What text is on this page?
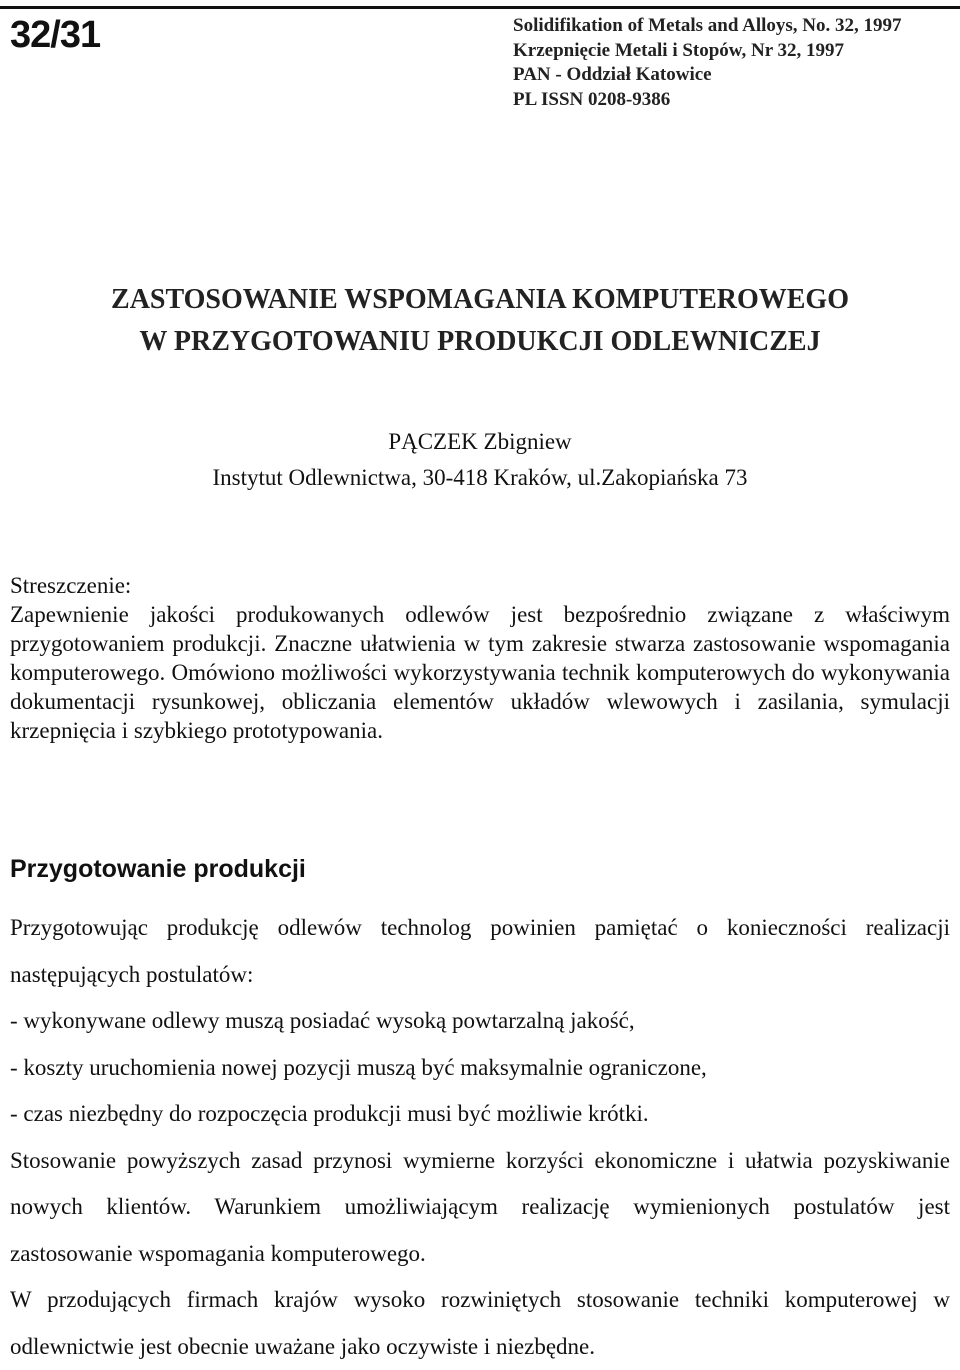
32/31	Solidifikation of Metals and Alloys, No. 32, 1997
Krzepnięcie Metali i Stopów, Nr 32, 1997
PAN - Oddział Katowice
PL ISSN 0208-9386
ZASTOSOWANIE WSPOMAGANIA KOMPUTEROWEGO
W PRZYGOTOWANIU PRODUKCJI ODLEWNICZEJ
PĄCZEK Zbigniew
Instytut Odlewnictwa, 30-418 Kraków, ul.Zakopiańska 73
Streszczenie:
Zapewnienie jakości produkowanych odlewów jest bezpośrednio związane z właściwym przygotowaniem produkcji. Znaczne ułatwienia w tym zakresie stwarza zastosowanie wspomagania komputerowego. Omówiono możliwości wykorzystywania technik komputerowych do wykonywania dokumentacji rysunkowej, obliczania elementów układów wlewowych i zasilania, symulacji krzepnięcia i szybkiego prototypowania.
Przygotowanie produkcji

Przygotowując produkcję odlewów technolog powinien pamiętać o konieczności realizacji następujących postulatów:

- wykonywane odlewy muszą posiadać wysoką powtarzalną jakość,

- koszty uruchomienia nowej pozycji muszą być maksymalnie ograniczone,

- czas niezbędny do rozpoczęcia produkcji musi być możliwie krótki.

Stosowanie powyższych zasad przynosi wymierne korzyści ekonomiczne i ułatwia pozyskiwanie nowych klientów. Warunkiem umożliwiającym realizację wymienionych postulatów jest zastosowanie wspomagania komputerowego.

W przodujących firmach krajów wysoko rozwiniętych stosowanie techniki komputerowej w odlewnictwie jest obecnie uważane jako oczywiste i niezbędne.
